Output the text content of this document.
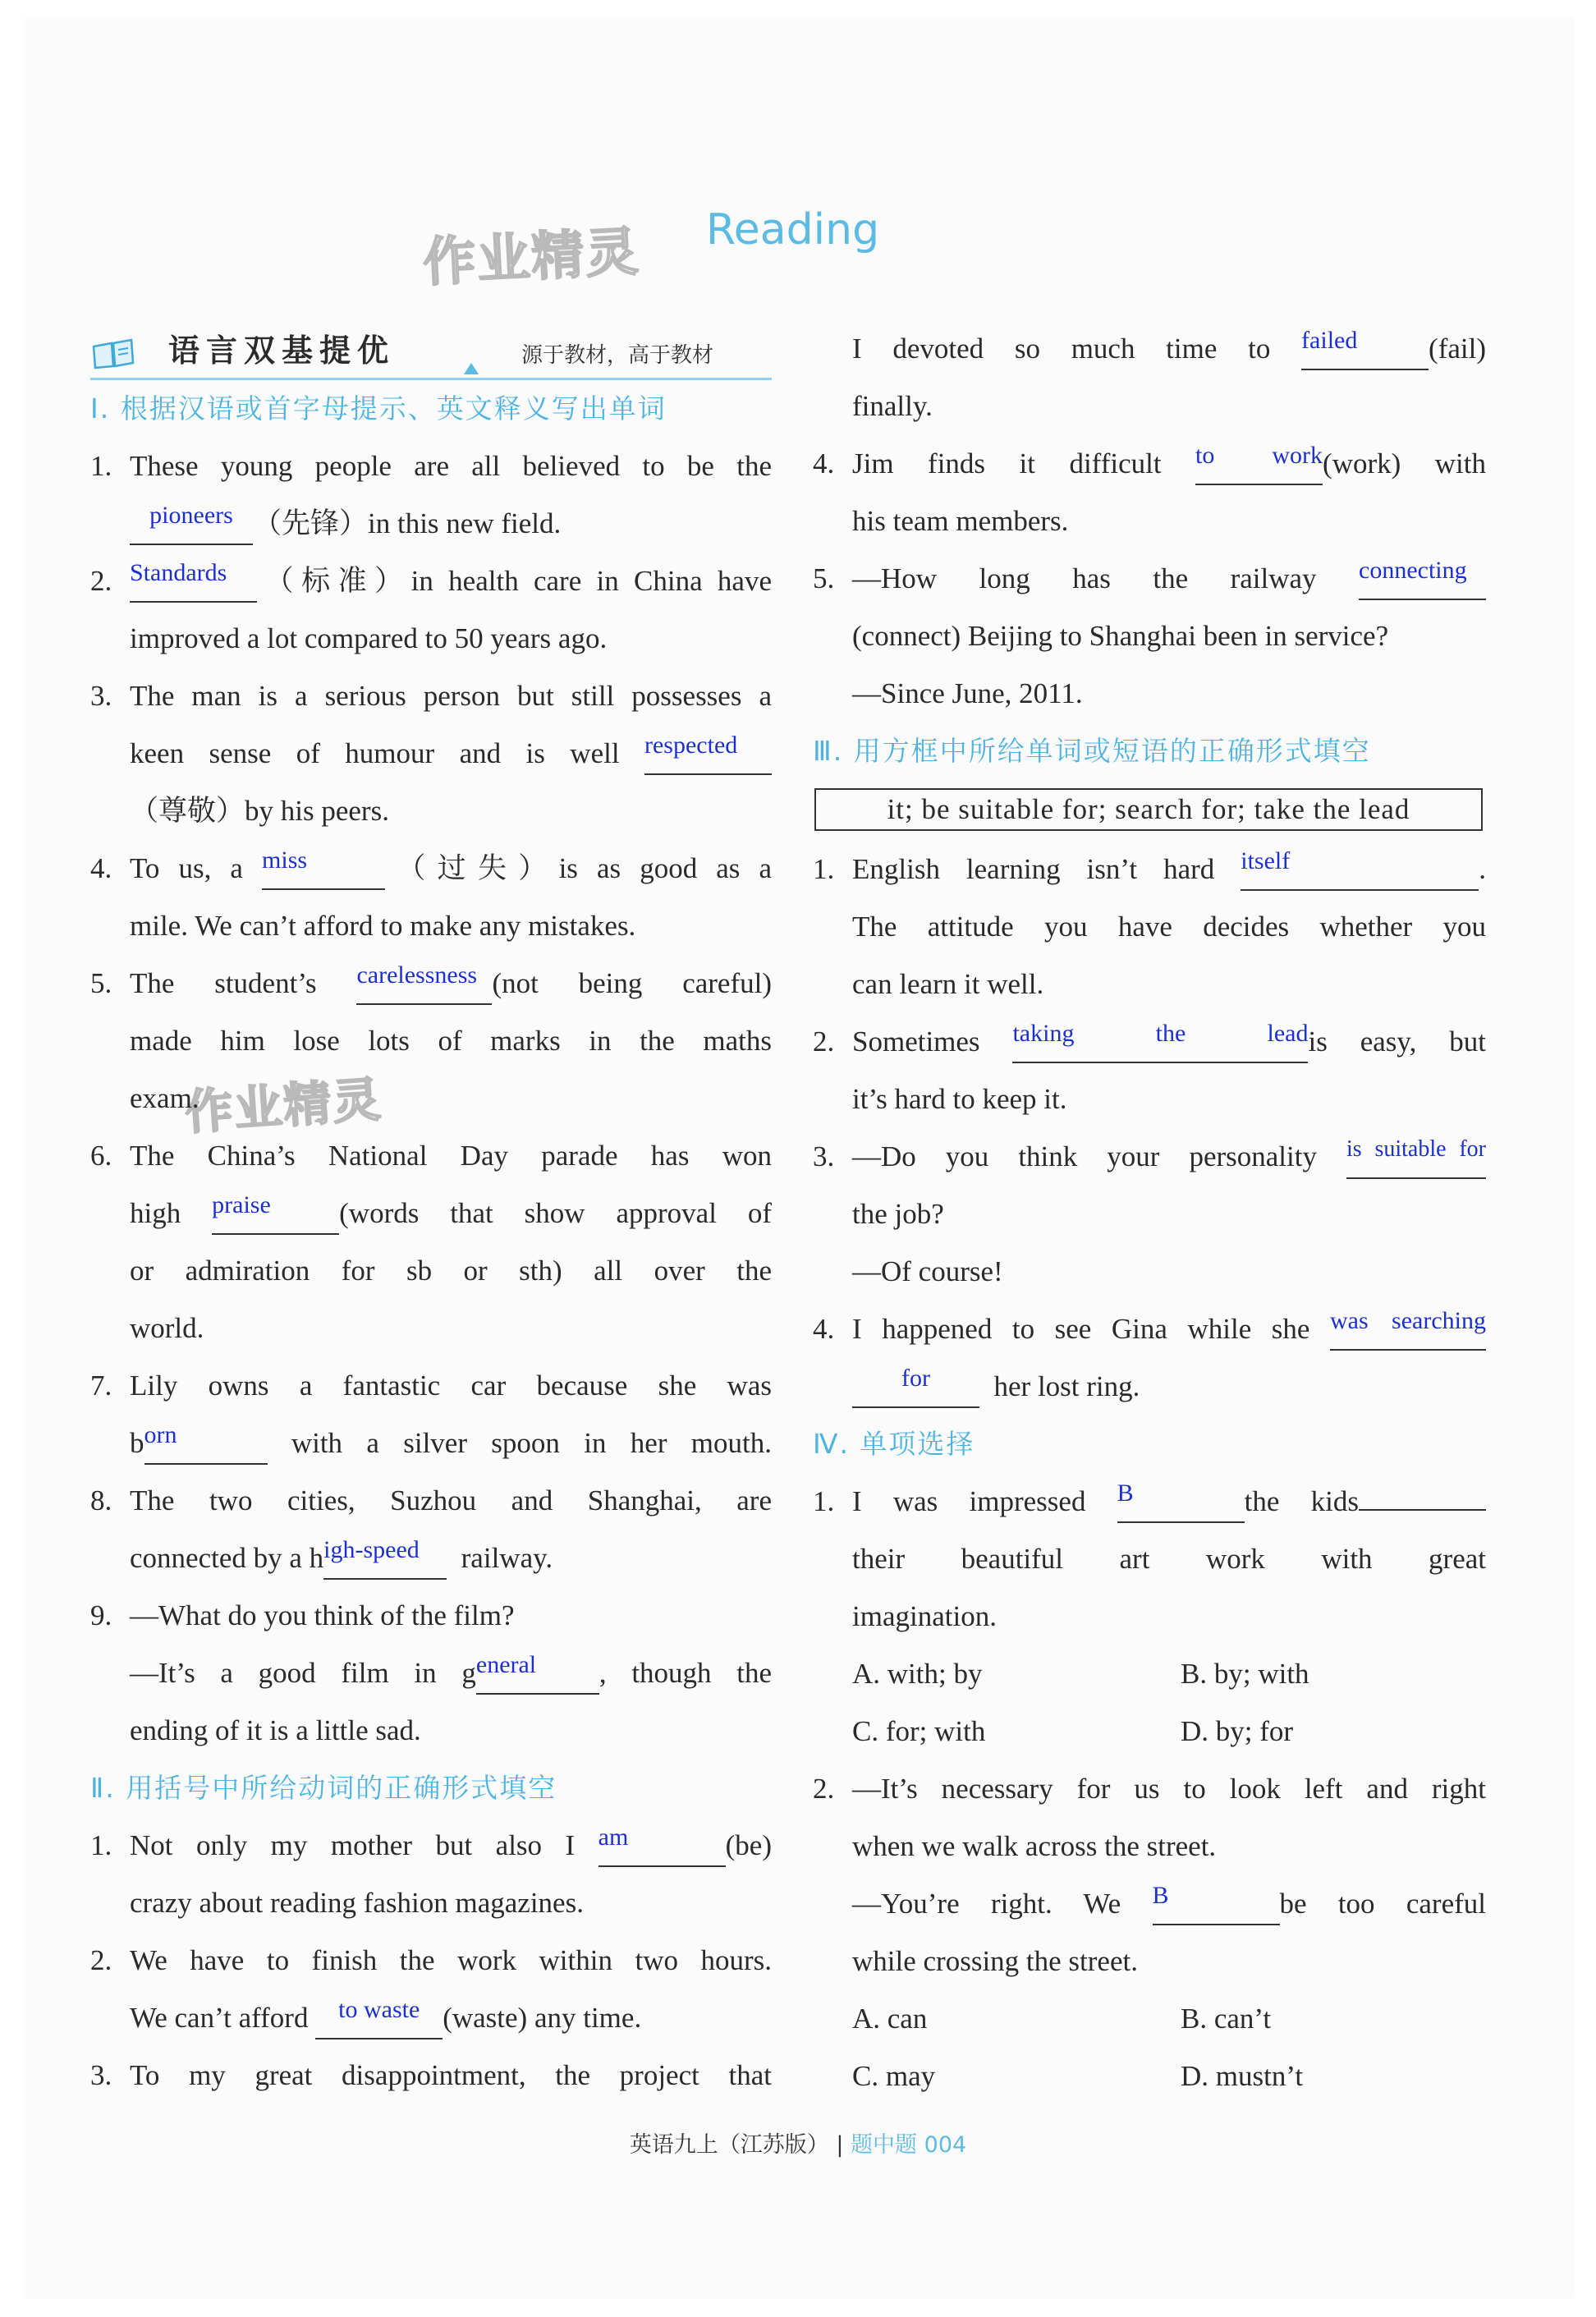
作业精灵
作业精灵
Reading
语言双基提优	源于教材，高于教材
Ⅰ. 根据汉语或首字母提示、英文释义写出单词
1. These young people are all believed to be the
pioneers （先锋）in this new field.
2. Standards （标准）in health care in China have
improved a lot compared to 50 years ago.
3. The man is a serious person but still possesses a
keen sense of humour and is well respected
（尊敬）by his peers.
4. To us, a miss	（过失）is as good as a
mile. We can’t afford to make any mistakes.
5. The student’s carelessness (not being careful)
made him lose lots of marks in the maths
exam.
6. The China’s National Day parade has won
high praise (words that show approval of
or admiration for sb or sth) all over the
world.
7. Lily owns a fantastic car because she was
born	with a silver spoon in her mouth.
8. The two cities, Suzhou and Shanghai, are
connected by a high-speed railway.
9. —What do you think of the film?
—It’s a good film in general , though the
ending of it is a little sad.
Ⅱ. 用括号中所给动词的正确形式填空
1. Not only my mother but also I am	(be)
crazy about reading fashion magazines.
2. We have to finish the work within two hours.
We can’t afford to waste (waste) any time.
3. To my great disappointment, the project that
I devoted so much time to failed (fail)
finally.
4. Jim finds it difficult to work(work) with
his team members.
5. —How long has the railway connecting
(connect) Beijing to Shanghai been in service?
—Since June, 2011.
Ⅲ. 用方框中所给单词或短语的正确形式填空
it; be suitable for; search for; take the lead
1. English learning isn’t hard itself	.
The attitude you have decides whether you
can learn it well.
2. Sometimes taking the leadis easy, but
it’s hard to keep it.
3. —Do you think your personality $^{is suitable for}$
the job?
—Of course!
4. I happened to see Gina while she was searching
for her lost ring.
Ⅳ. 单项选择
1. I was impressed B	the kids
their beautiful art work with great
imagination.
A. with; by	B. by; with
C. for; with	D. by; for
2. —It’s necessary for us to look left and right
when we walk across the street.
—You’re right. We B	be too careful
while crossing the street.
A. can	B. can’t
C. may	D. mustn’t
英语九上（江苏版） | 题中题 004
